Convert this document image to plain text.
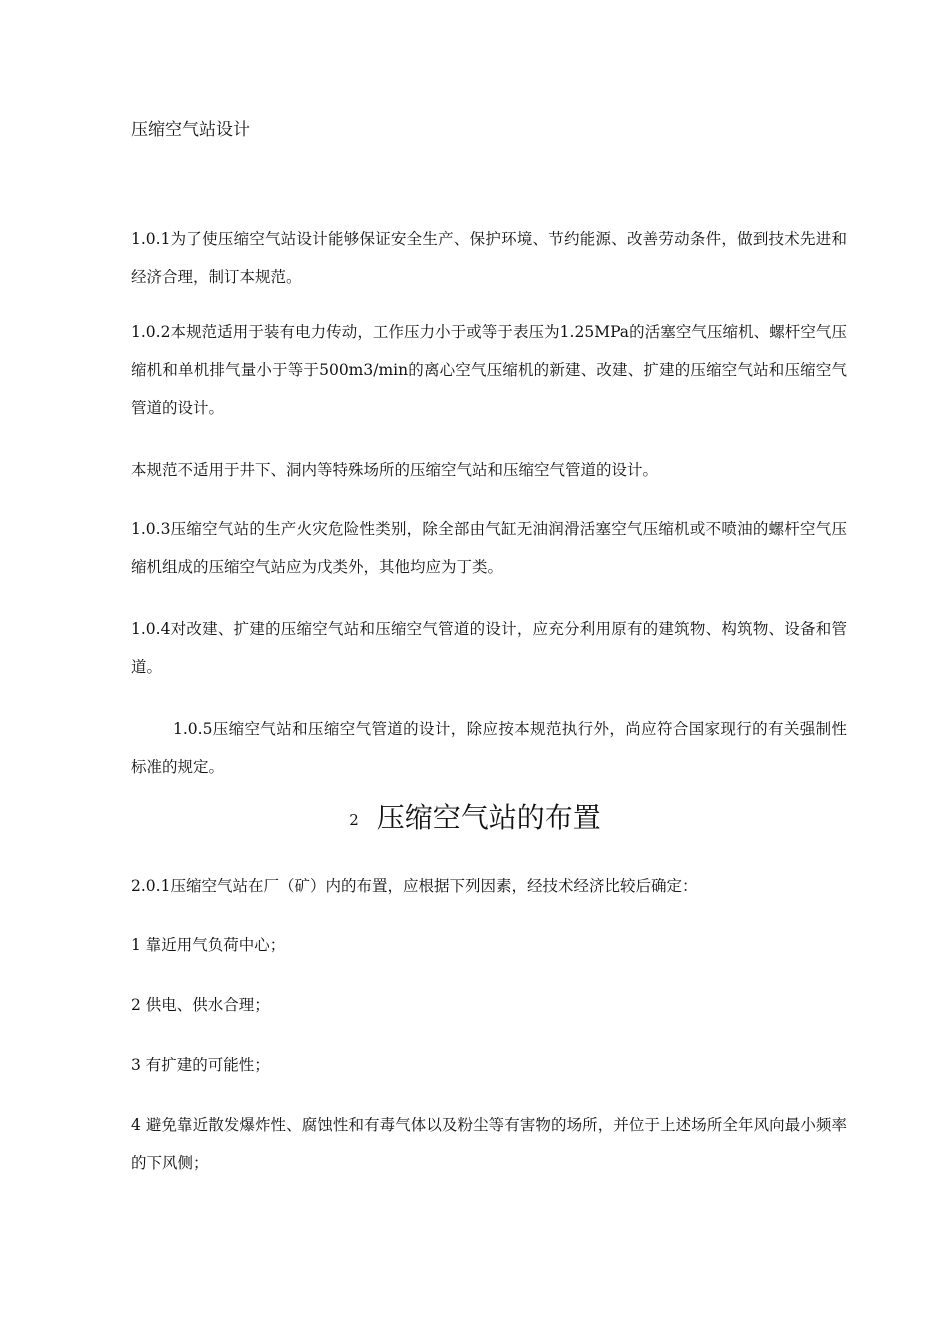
压缩空气站设计

1.0.1为了使压缩空气站设计能够保证安全生产、保护环境、节约能源、改善劳动条件，做到技术先进和经济合理，制订本规范。

1.0.2本规范适用于装有电力传动，工作压力小于或等于表压为1.25MPa的活塞空气压缩机、螺杆空气压缩机和单机排气量小于等于500m3/min的离心空气压缩机的新建、改建、扩建的压缩空气站和压缩空气管道的设计。

本规范不适用于井下、洞内等特殊场所的压缩空气站和压缩空气管道的设计。

1.0.3压缩空气站的生产火灾危险性类别，除全部由气缸无油润滑活塞空气压缩机或不喷油的螺杆空气压缩机组成的压缩空气站应为戊类外，其他均应为丁类。

1.0.4对改建、扩建的压缩空气站和压缩空气管道的设计，应充分利用原有的建筑物、构筑物、设备和管道。

1.0.5压缩空气站和压缩空气管道的设计，除应按本规范执行外，尚应符合国家现行的有关强制性标准的规定。

2 压缩空气站的布置

2.0.1压缩空气站在厂（矿）内的布置，应根据下列因素，经技术经济比较后确定：

1 靠近用气负荷中心；

2 供电、供水合理；

3 有扩建的可能性；

4 避免靠近散发爆炸性、腐蚀性和有毒气体以及粉尘等有害物的场所，并位于上述场所全年风向最小频率的下风侧；
